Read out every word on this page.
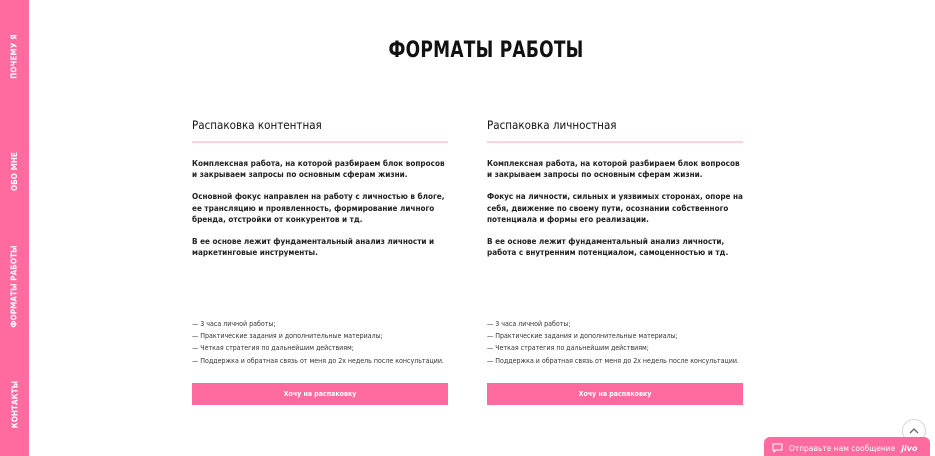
ПОЧЕМУ Я
ОБО МНЕ
ФОРМАТЫ РАБОТЫ
КОНТАКТЫ
ФОРМАТЫ РАБОТЫ
Распаковка контентная

Комплексная работа, на которой разбираем блок вопросов и закрываем запросы по основным сферам жизни.

Основной фокус направлен на работу с личностью в блоге, ее трансляцию и проявленность, формирование личного бренда, отстройки от конкурентов и тд.

В ее основе лежит фундаментальный анализ личности и маркетинговые инструменты.

— 3 часа личной работы;
— Практические задания и дополнительные материалы;
— Четкая стратегия по дальнейшим действиям;
— Поддержка и обратная связь от меня до 2х недель после консультации.
Хочу на распаковку
Распаковка личностная

Комплексная работа, на которой разбираем блок вопросов и закрываем запросы по основным сферам жизни.

Фокус на личности, сильных и уязвимых сторонах, опоре на себя, движение по своему пути, осознании собственного потенциала и формы его реализации.

В ее основе лежит фундаментальный анализ личности, работа с внутренним потенциалом, самоценностью и тд.

— 3 часа личной работы;
— Практические задания и дополнительные материалы;
— Четкая стратегия по дальнейшим действиям;
— Поддержка и обратная связь от меня до 2х недель после консультации.
Хочу на распаковку
Отправьте нам сообщение jivo
